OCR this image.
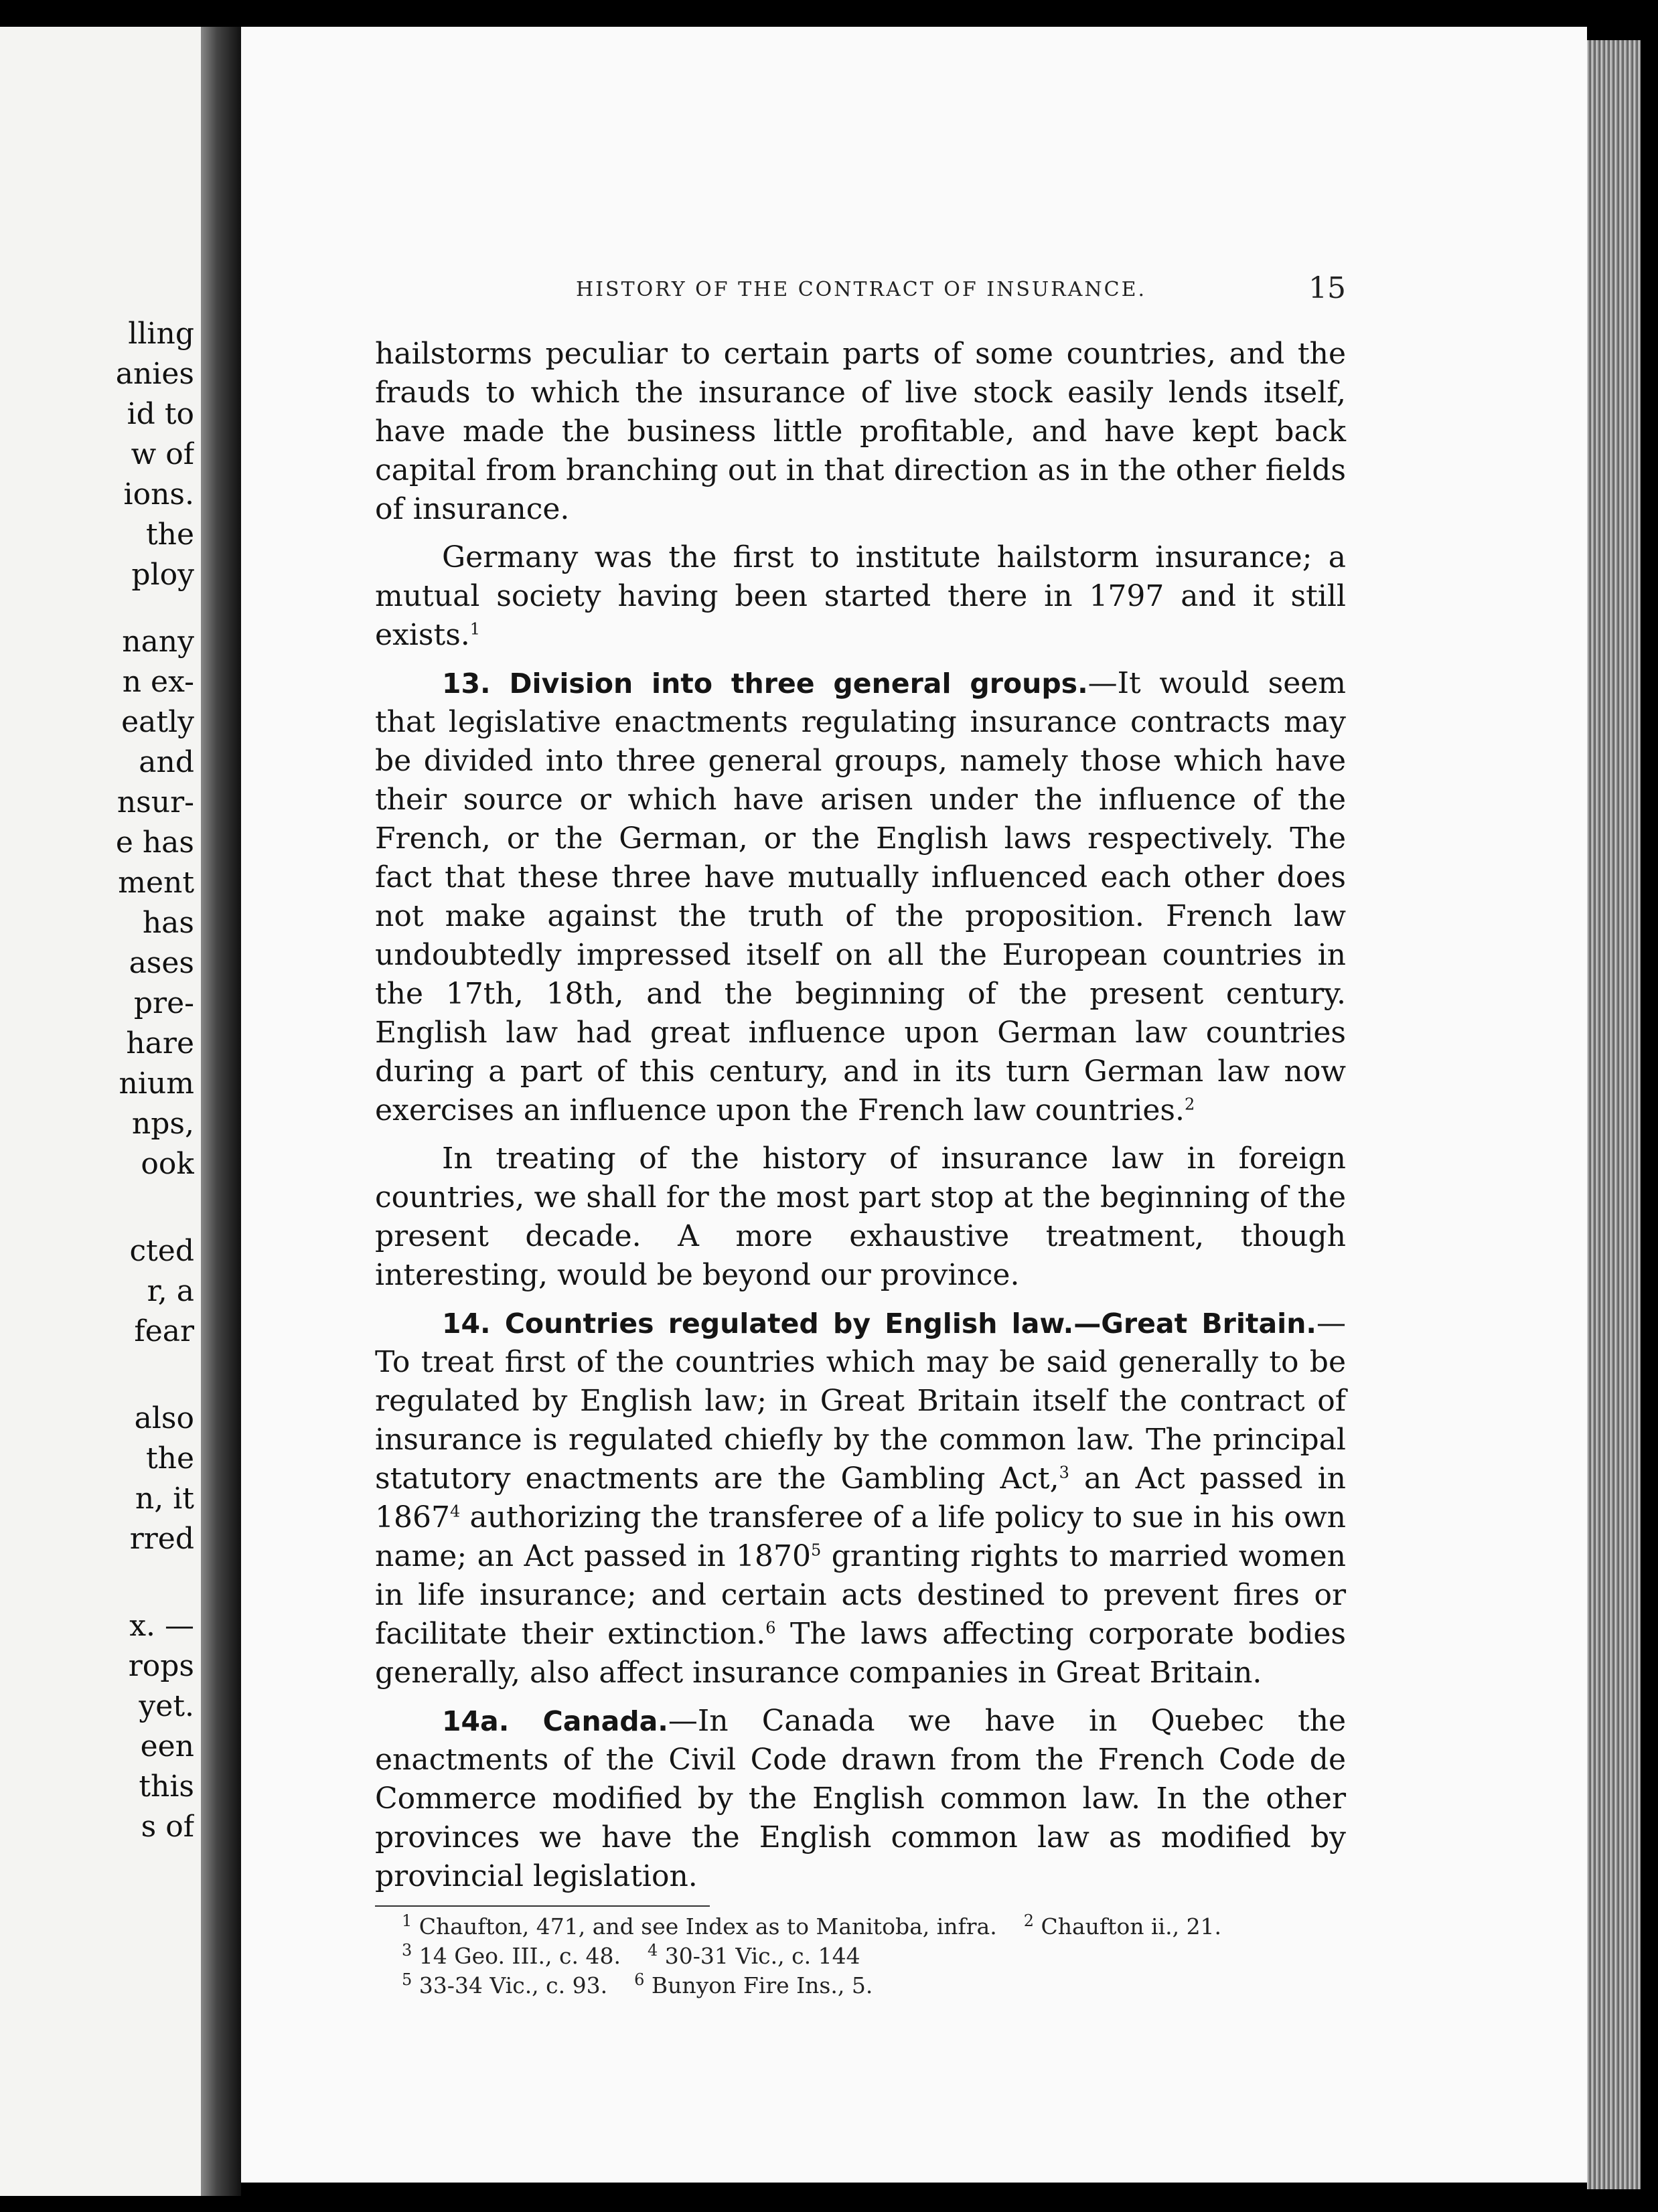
lling
anies
id to
w of
ions.
the
ploy
nany
n ex-
eatly
and
nsur-
e has
ment
has
ases
pre-
hare
nium
nps,
ook
cted
r, a
fear
also
the
n, it
rred
x. —
rops
yet.
een
this
s of
HISTORY OF THE CONTRACT OF INSURANCE.	15

hailstorms peculiar to certain parts of some countries, and the frauds to which the insurance of live stock easily lends itself, have made the business little profitable, and have kept back capital from branching out in that direction as in the other fields of insurance.

Germany was the first to institute hailstorm insurance; a mutual society having been started there in 1797 and it still exists.$^1$

13. Division into three general groups.—It would seem that legislative enactments regulating insurance contracts may be divided into three general groups, namely those which have their source or which have arisen under the influence of the French, or the German, or the English laws respectively. The fact that these three have mutually influenced each other does not make against the truth of the proposition. French law undoubtedly impressed itself on all the European countries in the 17th, 18th, and the beginning of the present century. English law had great influence upon German law countries during a part of this century, and in its turn German law now exercises an influence upon the French law countries.$^2$

In treating of the history of insurance law in foreign countries, we shall for the most part stop at the beginning of the present decade. A more exhaustive treatment, though interesting, would be beyond our province.

14. Countries regulated by English law.—Great Britain.—To treat first of the countries which may be said generally to be regulated by English law; in Great Britain itself the contract of insurance is regulated chiefly by the common law. The principal statutory enactments are the Gambling Act,$^3$ an Act passed in 1867$^4$ authorizing the transferee of a life policy to sue in his own name; an Act passed in 1870$^5$ granting rights to married women in life insurance; and certain acts destined to prevent fires or facilitate their extinction.$^6$ The laws affecting corporate bodies generally, also affect insurance companies in Great Britain.

14a. Canada.—In Canada we have in Quebec the enactments of the Civil Code drawn from the French Code de Commerce modified by the English common law. In the other provinces we have the English common law as modified by provincial legislation.

$^1$ Chaufton, 471, and see Index as to Manitoba, infra. $^2$ Chaufton ii., 21.
$^3$ 14 Geo. III., c. 48. $^4$ 30-31 Vic., c. 144
$^5$ 33-34 Vic., c. 93. $^6$ Bunyon Fire Ins., 5.
